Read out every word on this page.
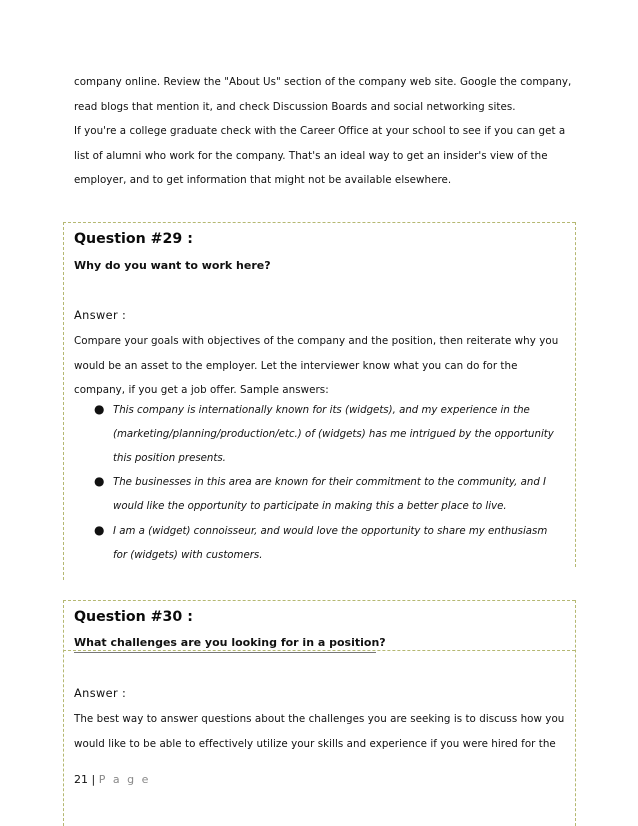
company online. Review the "About Us" section of the company web site. Google the company, read blogs that mention it, and check Discussion Boards and social networking sites.

If you're a college graduate check with the Career Office at your school to see if you can get a list of alumni who work for the company. That's an ideal way to get an insider's view of the employer, and to get information that might not be available elsewhere.

Question #29 :

Why do you want to work here?

Answer :

Compare your goals with objectives of the company and the position, then reiterate why you would be an asset to the employer. Let the interviewer know what you can do for the company, if you get a job offer. Sample answers:

● This company is internationally known for its (widgets), and my experience in the (marketing/planning/production/etc.) of (widgets) has me intrigued by the opportunity this position presents.

● The businesses in this area are known for their commitment to the community, and I would like the opportunity to participate in making this a better place to live.

● I am a (widget) connoisseur, and would love the opportunity to share my enthusiasm for (widgets) with customers.

Question #30 :

What challenges are you looking for in a position?

Answer :

The best way to answer questions about the challenges you are seeking is to discuss how you would like to be able to effectively utilize your skills and experience if you were hired for the

21 | P a g e
